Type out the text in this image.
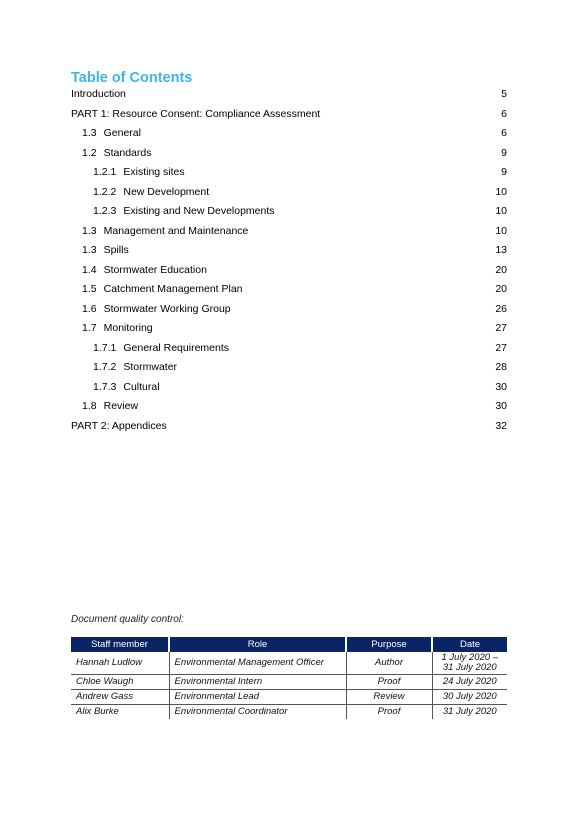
Table of Contents
Introduction	5
PART 1: Resource Consent: Compliance Assessment	6
1.3 General	6
1.2 Standards	9
1.2.1 Existing sites	9
1.2.2 New Development	10
1.2.3 Existing and New Developments	10
1.3 Management and Maintenance	10
1.3 Spills	13
1.4 Stormwater Education	20
1.5 Catchment Management Plan	20
1.6 Stormwater Working Group	26
1.7 Monitoring	27
1.7.1 General Requirements	27
1.7.2 Stormwater	28
1.7.3 Cultural	30
1.8 Review	30
PART 2: Appendices	32
Document quality control:
Staff member	Role	Purpose	Date
Hannah Ludlow	Environmental Management Officer	Author	1 July 2020 –
31 July 2020

Chloe Waugh	Environmental Intern	Proof	24 July 2020
Andrew Gass	Environmental Lead	Review	30 July 2020
Alix Burke	Environmental Coordinator	Proof	31 July 2020
